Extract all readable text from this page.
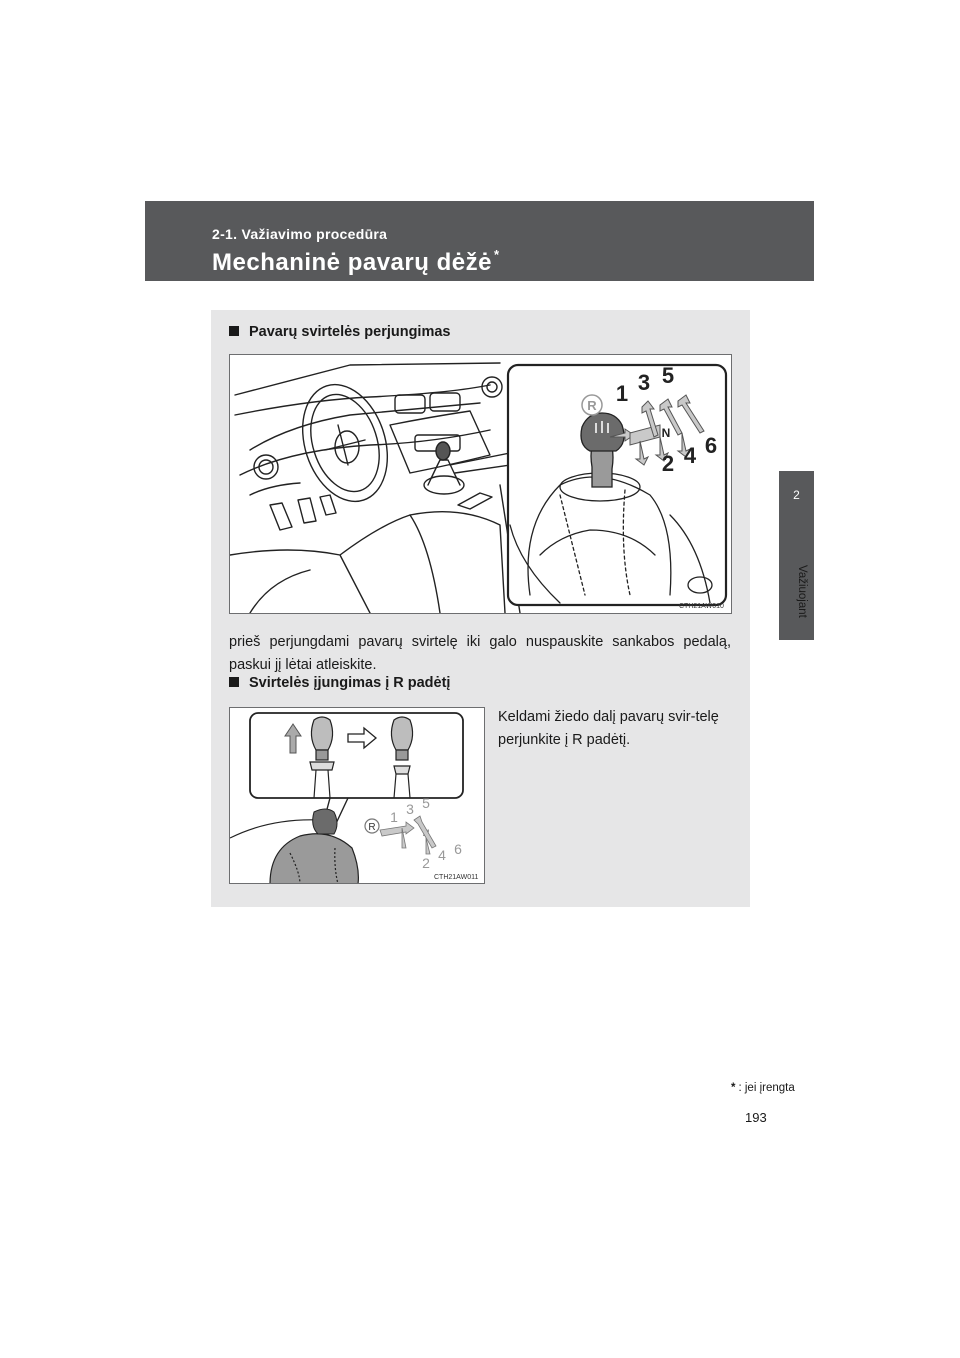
2-1. Važiavimo procedūra
Mechaninė pavarų dėžė *
2
Važiuojant
Pavarų svirtelės perjungimas
R 1 3 5
N
2 4 6
CTH21AW010
prieš perjungdami pavarų svirtelę iki galo nuspauskite sankabos pedalą, paskui jį lėtai atleiskite.
Svirtelės įjungimas į R padėtį
R
1 3 5
2 4 6
CTH21AW011
Keldami žiedo dalį pavarų svir-telę perjunkite į R padėtį.
* : jei įrengta
193
